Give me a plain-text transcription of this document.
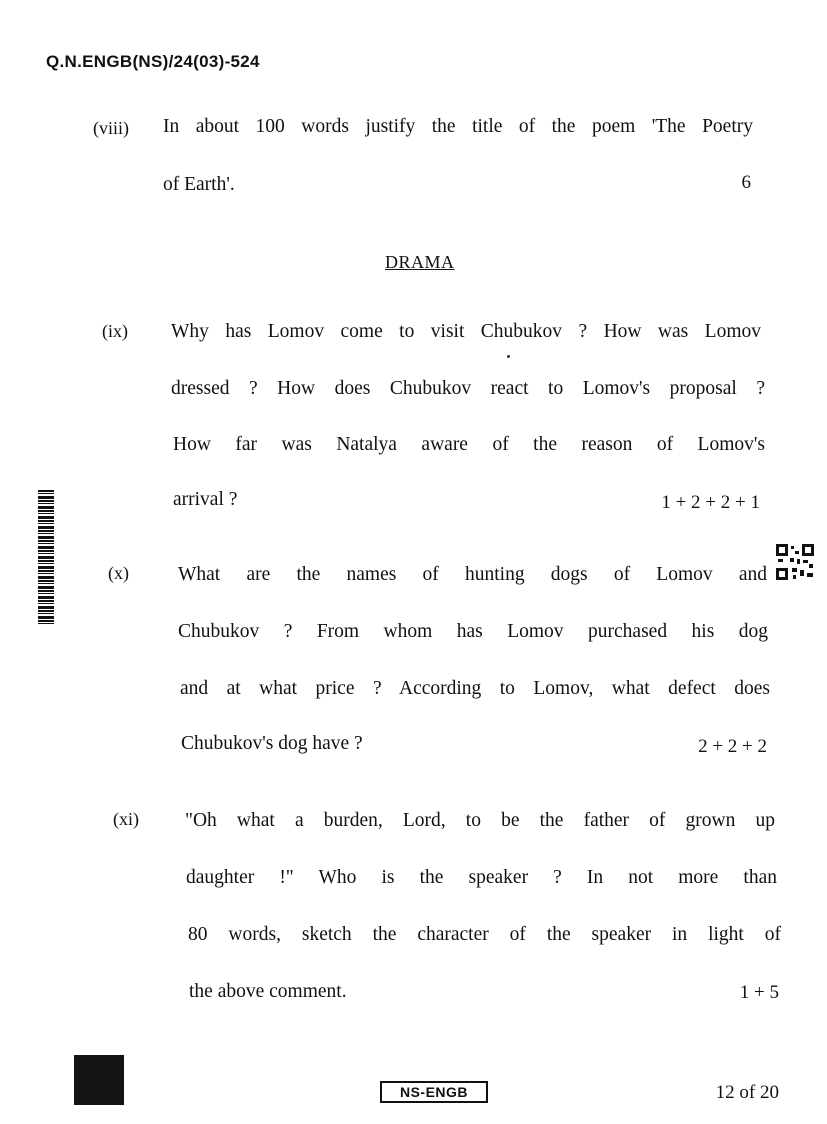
Q.N.ENGB(NS)/24(03)-524
(viii) In about 100 words justify the title of the poem 'The Poetry
of Earth'.	6
DRAMA
(ix) Why has Lomov come to visit Chubukov ? How was Lomov
dressed ? How does Chubukov react to Lomov's proposal ?
How far was Natalya aware of the reason of Lomov's
arrival ?	1 + 2 + 2 + 1
(x)	What are the names of hunting dogs of Lomov and
Chubukov ? From whom has Lomov purchased his dog
and at what price ? According to Lomov, what defect does
Chubukov's dog have ?	2 + 2 + 2
(xi) "Oh what a burden, Lord, to be the father of grown up
daughter !" Who is the speaker ? In not more than
80 words, sketch the character of the speaker in light of
the above comment.	1 + 5
NS-ENGB	12 of 20
